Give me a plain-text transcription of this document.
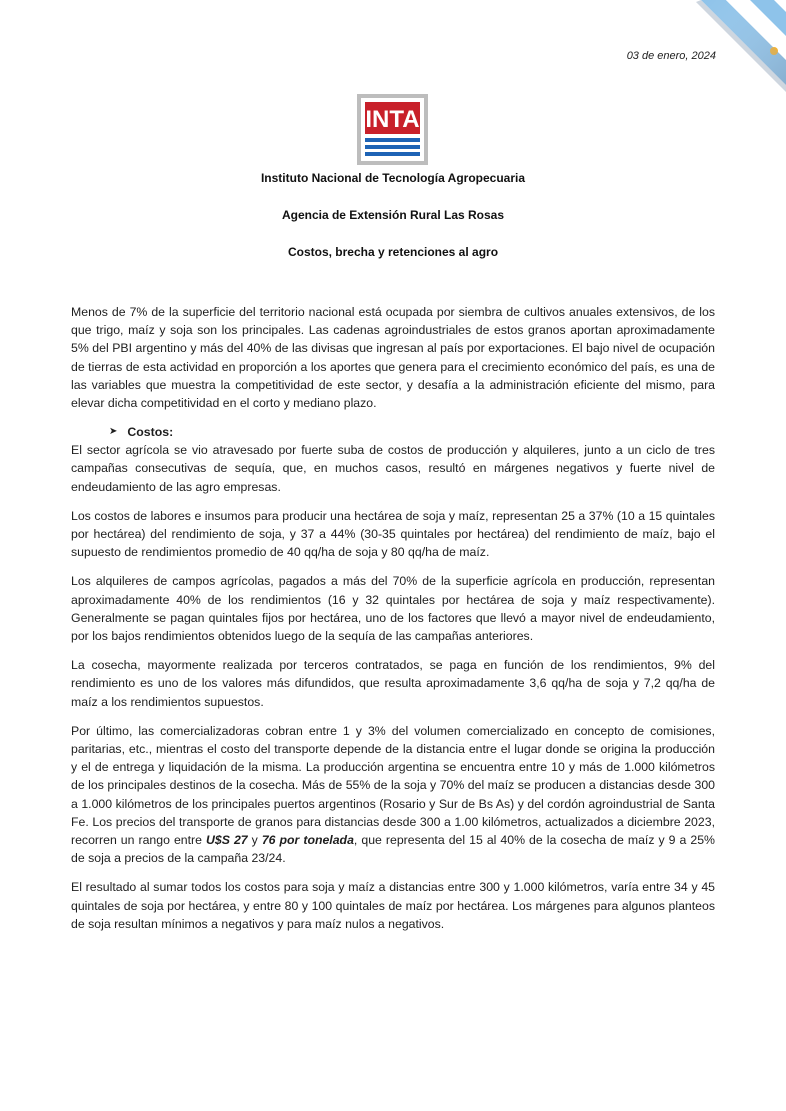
03 de enero, 2024
INTA
Instituto Nacional de Tecnología Agropecuaria
Agencia de Extensión Rural Las Rosas
Costos, brecha y retenciones al agro

Menos de 7% de la superficie del territorio nacional está ocupada por siembra de cultivos anuales extensivos, de los que trigo, maíz y soja son los principales. Las cadenas agroindustriales de estos granos aportan aproximadamente 5% del PBI argentino y más del 40% de las divisas que ingresan al país por exportaciones. El bajo nivel de ocupación de tierras de esta actividad en proporción a los aportes que genera para el crecimiento económico del país, es una de las variables que muestra la competitividad de este sector, y desafía a la administración eficiente del mismo, para elevar dicha competitividad en el corto y mediano plazo.

➤ Costos:

El sector agrícola se vio atravesado por fuerte suba de costos de producción y alquileres, junto a un ciclo de tres campañas consecutivas de sequía, que, en muchos casos, resultó en márgenes negativos y fuerte nivel de endeudamiento de las agro empresas.

Los costos de labores e insumos para producir una hectárea de soja y maíz, representan 25 a 37% (10 a 15 quintales por hectárea) del rendimiento de soja, y 37 a 44% (30-35 quintales por hectárea) del rendimiento de maíz, bajo el supuesto de rendimientos promedio de 40 qq/ha de soja y 80 qq/ha de maíz.

Los alquileres de campos agrícolas, pagados a más del 70% de la superficie agrícola en producción, representan aproximadamente 40% de los rendimientos (16 y 32 quintales por hectárea de soja y maíz respectivamente). Generalmente se pagan quintales fijos por hectárea, uno de los factores que llevó a mayor nivel de endeudamiento, por los bajos rendimientos obtenidos luego de la sequía de las campañas anteriores.

La cosecha, mayormente realizada por terceros contratados, se paga en función de los rendimientos, 9% del rendimiento es uno de los valores más difundidos, que resulta aproximadamente 3,6 qq/ha de soja y 7,2 qq/ha de maíz a los rendimientos supuestos.

Por último, las comercializadoras cobran entre 1 y 3% del volumen comercializado en concepto de comisiones, paritarias, etc., mientras el costo del transporte depende de la distancia entre el lugar donde se origina la producción y el de entrega y liquidación de la misma. La producción argentina se encuentra entre 10 y más de 1.000 kilómetros de los principales destinos de la cosecha. Más de 55% de la soja y 70% del maíz se producen a distancias desde 300 a 1.000 kilómetros de los principales puertos argentinos (Rosario y Sur de Bs As) y del cordón agroindustrial de Santa Fe. Los precios del transporte de granos para distancias desde 300 a 1.00 kilómetros, actualizados a diciembre 2023, recorren un rango entre U$S 27 y 76 por tonelada, que representa del 15 al 40% de la cosecha de maíz y 9 a 25% de soja a precios de la campaña 23/24.

El resultado al sumar todos los costos para soja y maíz a distancias entre 300 y 1.000 kilómetros, varía entre 34 y 45 quintales de soja por hectárea, y entre 80 y 100 quintales de maíz por hectárea. Los márgenes para algunos planteos de soja resultan mínimos a negativos y para maíz nulos a negativos.
